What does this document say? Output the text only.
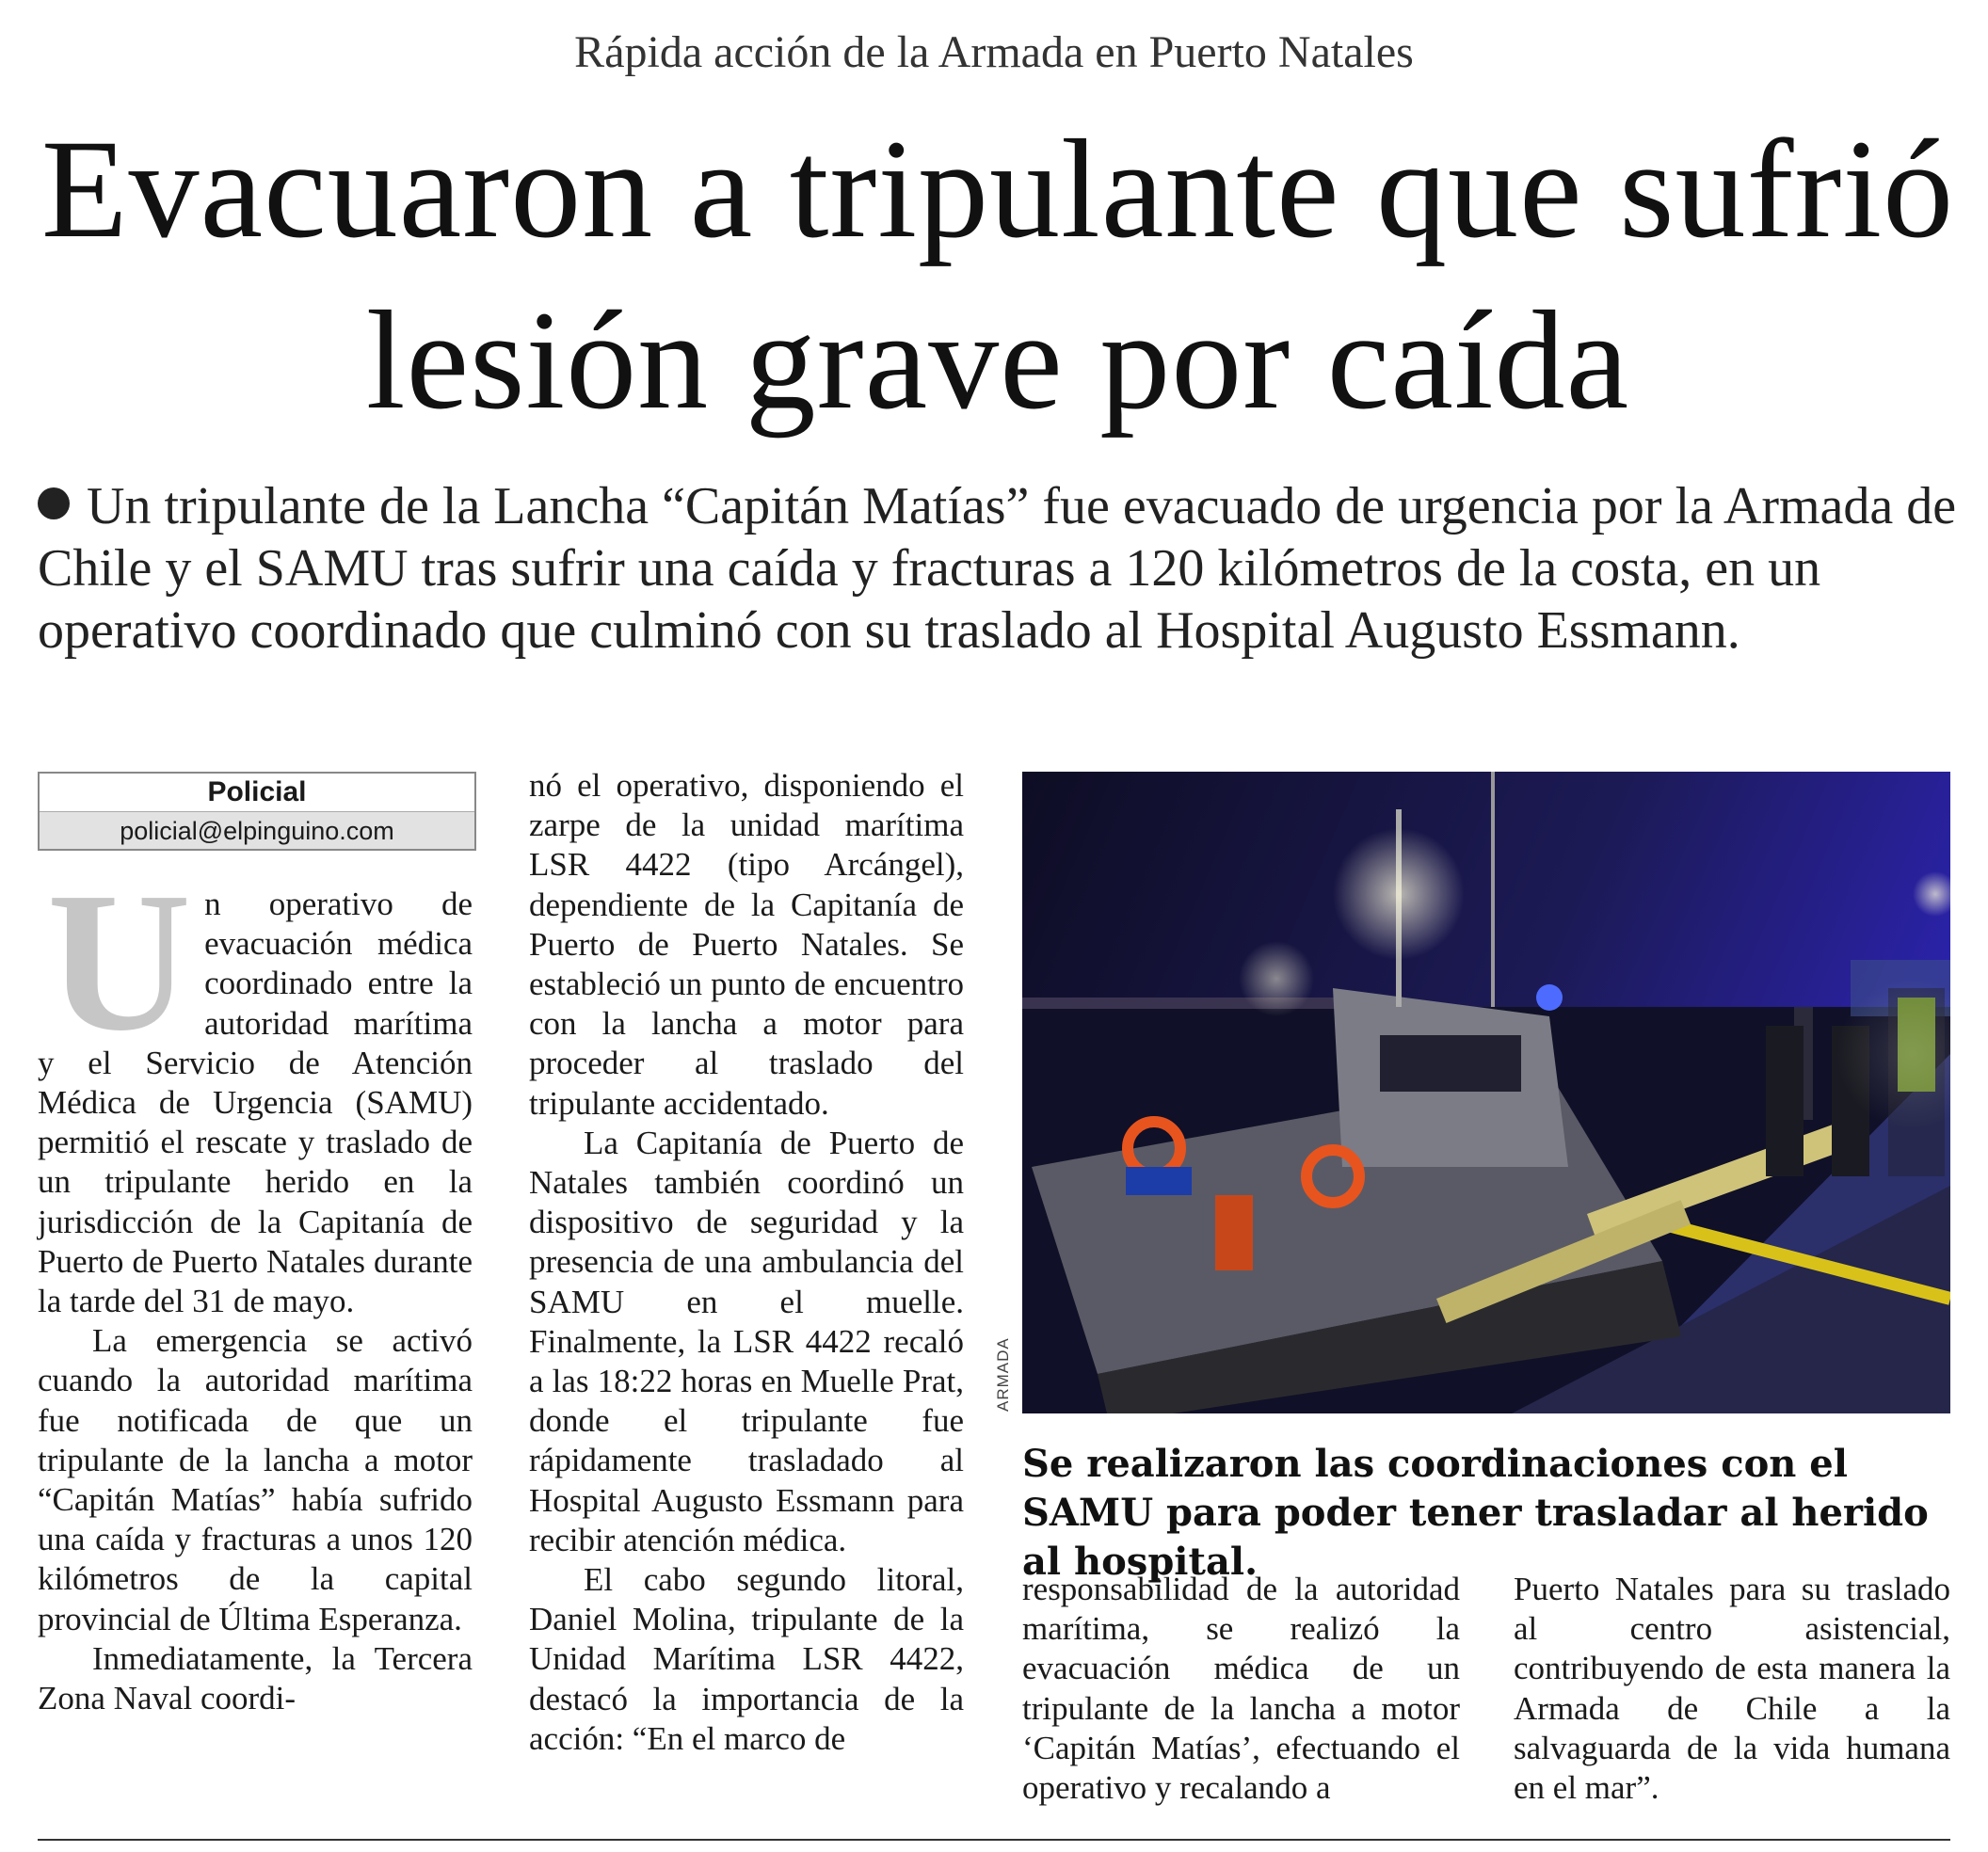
Rápida acción de la Armada en Puerto Natales
Evacuaron a tripulante que sufrió lesión grave por caída
Un tripulante de la Lancha “Capitán Matías” fue evacuado de urgencia por la Armada de Chile y el SAMU tras sufrir una caída y fracturas a 120 kilómetros de la costa, en un operativo coordinado que culminó con su traslado al Hospital Augusto Essmann.
Policial
policial@elpinguino.com

Un operativo de evacuación médica coordinado entre la autoridad marítima y el Servicio de Atención Médica de Urgencia (SAMU) permitió el rescate y traslado de un tripulante herido en la jurisdicción de la Capitanía de Puerto de Puerto Natales durante la tarde del 31 de mayo.

La emergencia se activó cuando la autoridad marítima fue notificada de que un tripulante de la lancha a motor “Capitán Matías” había sufrido una caída y fracturas a unos 120 kilómetros de la capital provincial de Última Esperanza.

Inmediatamente, la Tercera Zona Naval coordi-

nó el operativo, disponiendo el zarpe de la unidad marítima LSR 4422 (tipo Arcángel), dependiente de la Capitanía de Puerto de Puerto Natales. Se estableció un punto de encuentro con la lancha a motor para proceder al traslado del tripulante accidentado.

La Capitanía de Puerto de Natales también coordinó un dispositivo de seguridad y la presencia de una ambulancia del SAMU en el muelle. Finalmente, la LSR 4422 recaló a las 18:22 horas en Muelle Prat, donde el tripulante fue rápidamente trasladado al Hospital Augusto Essmann para recibir atención médica.

El cabo segundo litoral, Daniel Molina, tripulante de la Unidad Marítima LSR 4422, destacó la importancia de la acción: “En el marco de

ARMADA
Se realizaron las coordinaciones con el SAMU para poder tener trasladar al herido al hospital.

responsabilidad de la autoridad marítima, se realizó la evacuación médica de un tripulante de la lancha a motor ‘Capitán Matías’, efectuando el operativo y recalando a

Puerto Natales para su traslado al centro asistencial, contribuyendo de esta manera la Armada de Chile a la salvaguarda de la vida humana en el mar”.
